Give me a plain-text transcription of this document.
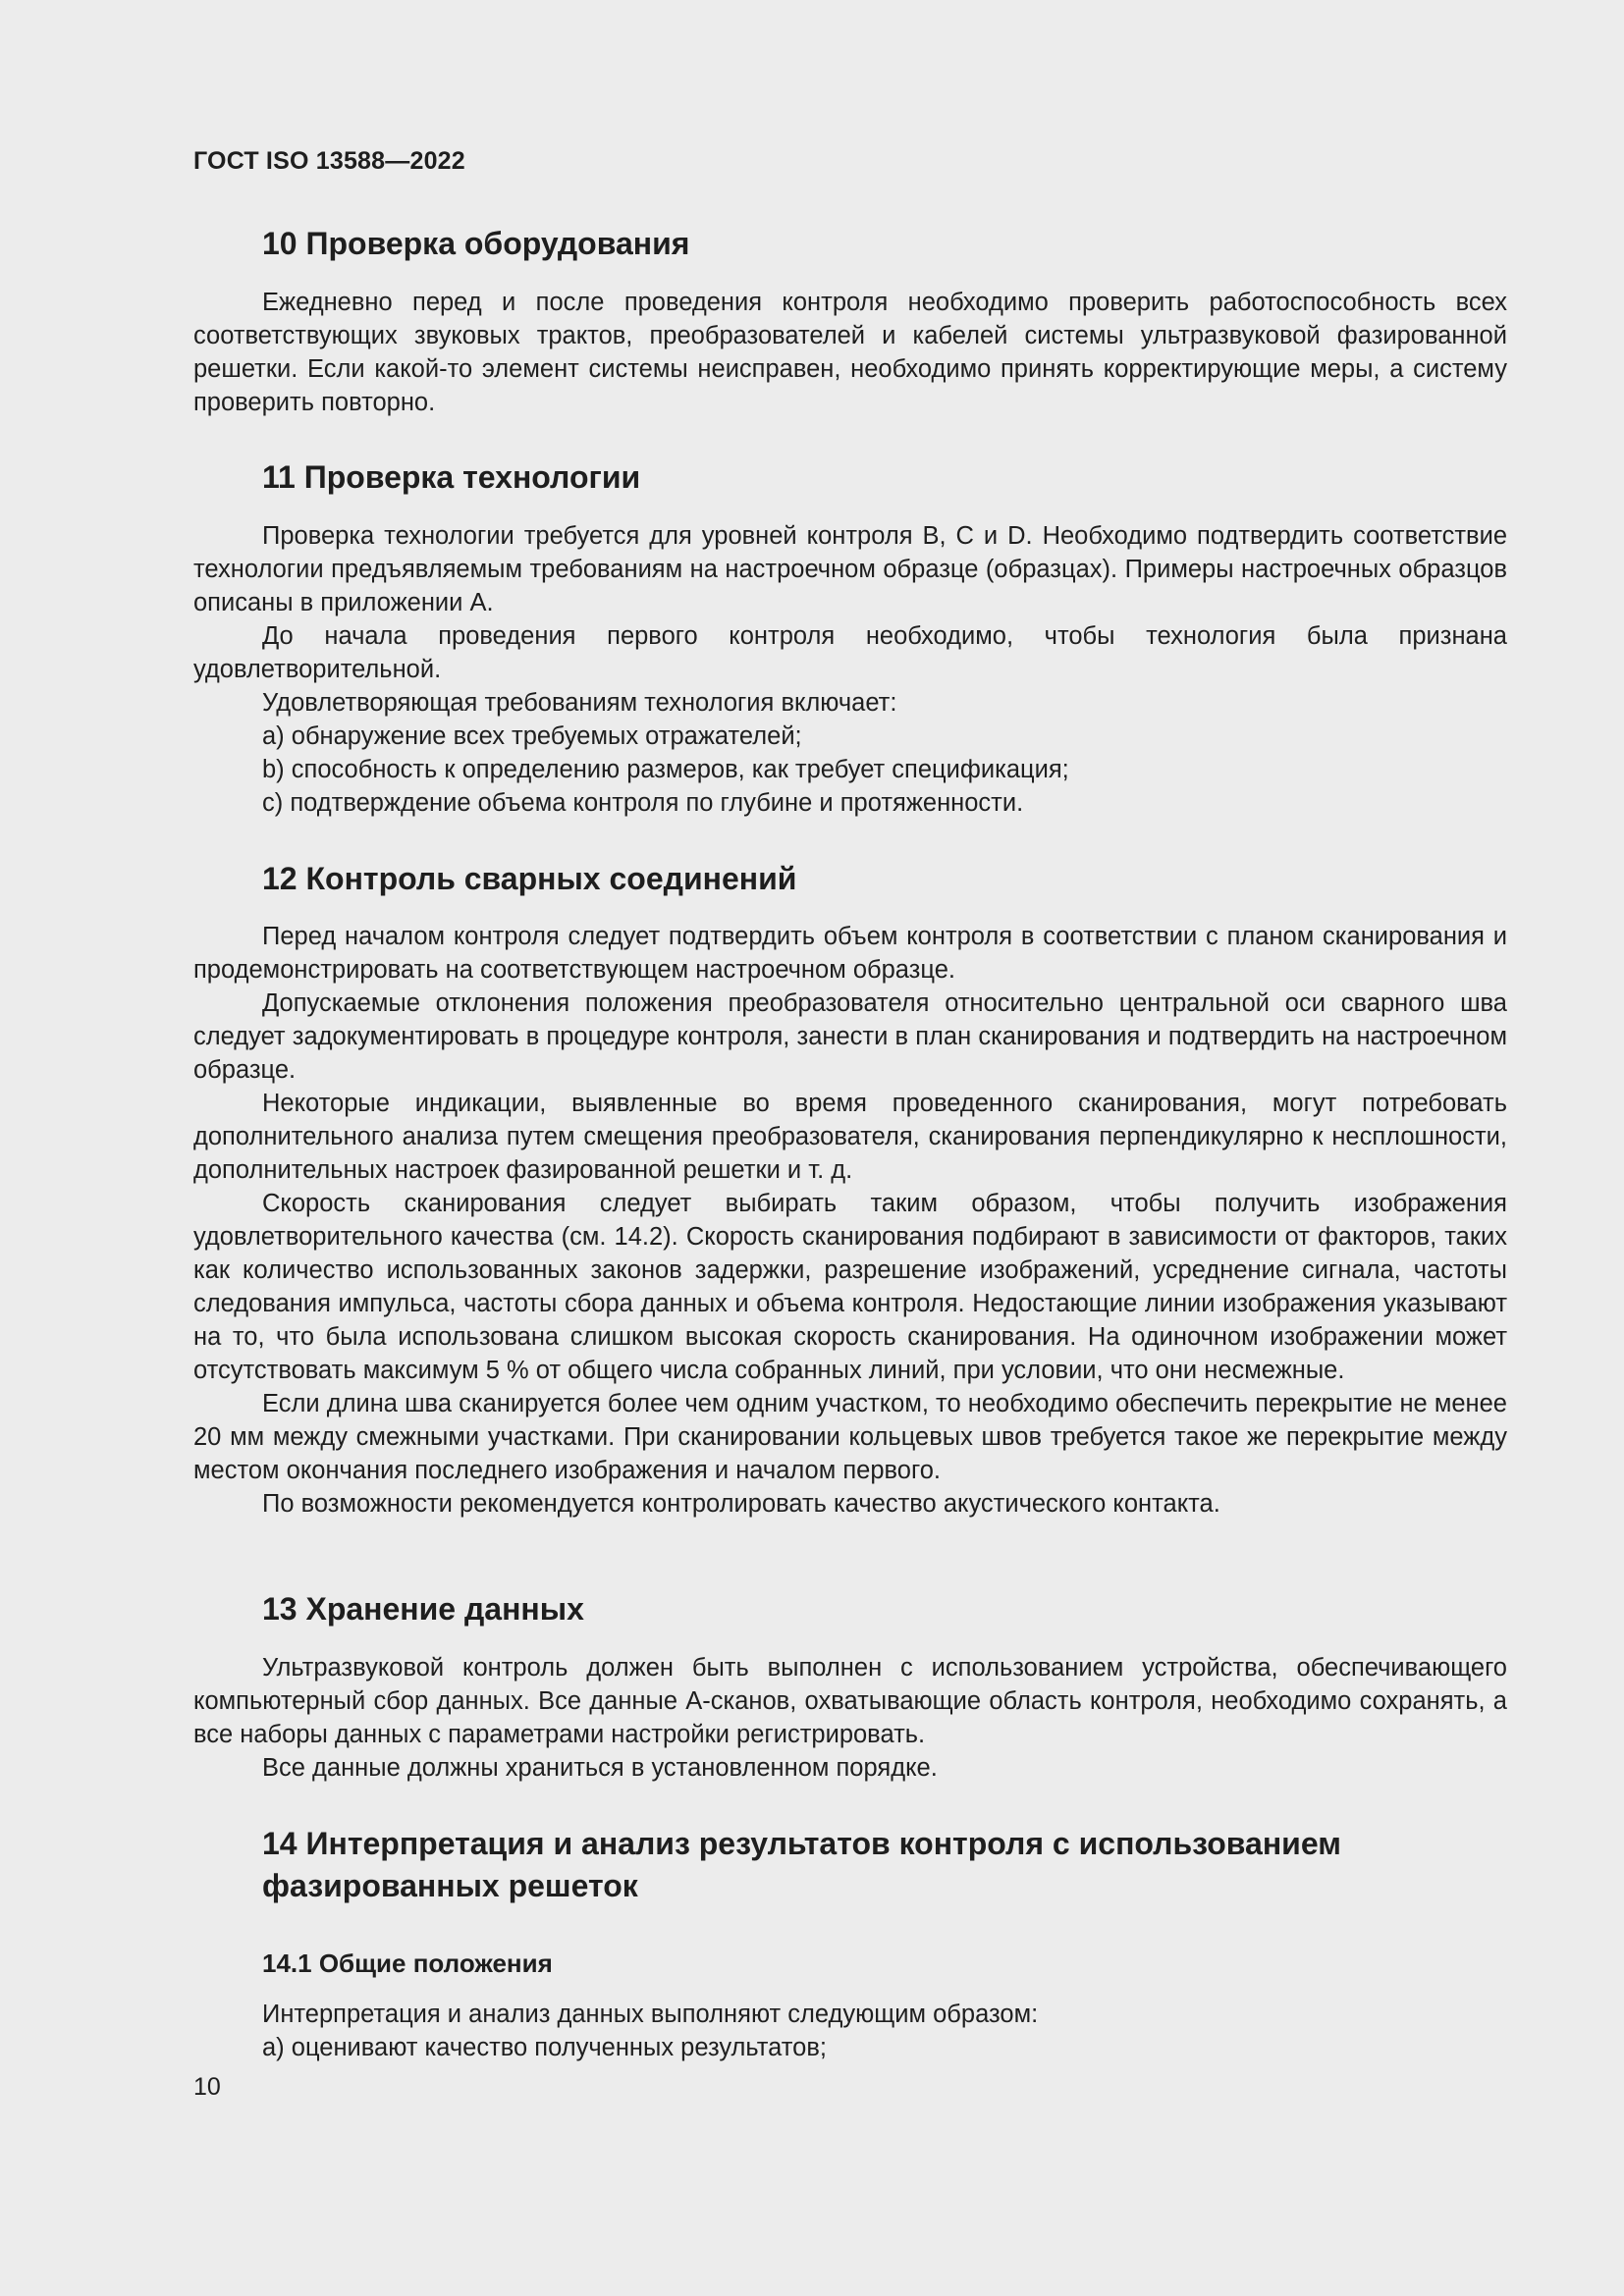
ГОСТ ISO 13588—2022
10 Проверка оборудования

Ежедневно перед и после проведения контроля необходимо проверить работоспособность всех соответствующих звуковых трактов, преобразователей и кабелей системы ультразвуковой фазированной решетки. Если какой-то элемент системы неисправен, необходимо принять корректирующие меры, а систему проверить повторно.

11 Проверка технологии

Проверка технологии требуется для уровней контроля B, C и D. Необходимо подтвердить соответствие технологии предъявляемым требованиям на настроечном образце (образцах). Примеры настроечных образцов описаны в приложении A.

До начала проведения первого контроля необходимо, чтобы технология была признана удовлетворительной.

Удовлетворяющая требованиям технология включает:

a) обнаружение всех требуемых отражателей;

b) способность к определению размеров, как требует спецификация;

c) подтверждение объема контроля по глубине и протяженности.

12 Контроль сварных соединений

Перед началом контроля следует подтвердить объем контроля в соответствии с планом сканирования и продемонстрировать на соответствующем настроечном образце.

Допускаемые отклонения положения преобразователя относительно центральной оси сварного шва следует задокументировать в процедуре контроля, занести в план сканирования и подтвердить на настроечном образце.

Некоторые индикации, выявленные во время проведенного сканирования, могут потребовать дополнительного анализа путем смещения преобразователя, сканирования перпендикулярно к несплошности, дополнительных настроек фазированной решетки и т. д.

Скорость сканирования следует выбирать таким образом, чтобы получить изображения удовлетворительного качества (см. 14.2). Скорость сканирования подбирают в зависимости от факторов, таких как количество использованных законов задержки, разрешение изображений, усреднение сигнала, частоты следования импульса, частоты сбора данных и объема контроля. Недостающие линии изображения указывают на то, что была использована слишком высокая скорость сканирования. На одиночном изображении может отсутствовать максимум 5 % от общего числа собранных линий, при условии, что они несмежные.

Если длина шва сканируется более чем одним участком, то необходимо обеспечить перекрытие не менее 20 мм между смежными участками. При сканировании кольцевых швов требуется такое же перекрытие между местом окончания последнего изображения и началом первого.

По возможности рекомендуется контролировать качество акустического контакта.

13 Хранение данных

Ультразвуковой контроль должен быть выполнен с использованием устройства, обеспечивающего компьютерный сбор данных. Все данные A-сканов, охватывающие область контроля, необходимо сохранять, а все наборы данных с параметрами настройки регистрировать.

Все данные должны храниться в установленном порядке.

14 Интерпретация и анализ результатов контроля с использованием
фазированных решеток
14.1 Общие положения

Интерпретация и анализ данных выполняют следующим образом:

a) оценивают качество полученных результатов;

10
